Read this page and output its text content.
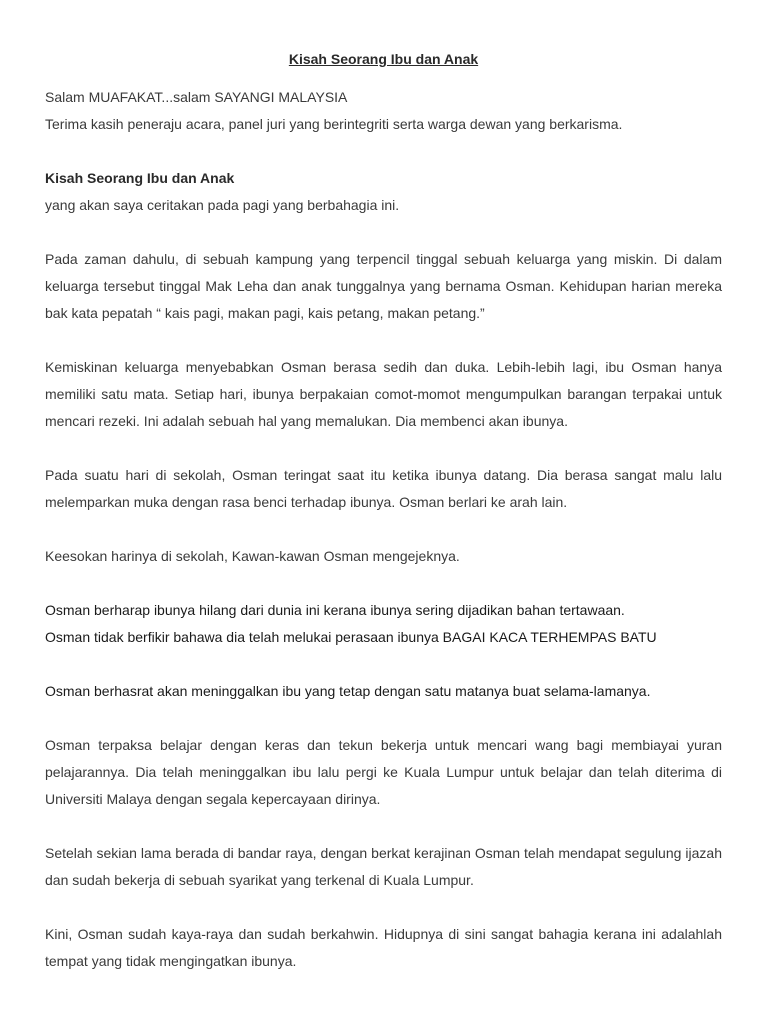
Kisah Seorang Ibu dan Anak

Salam MUAFAKAT...salam SAYANGI MALAYSIA

Terima kasih peneraju acara, panel juri yang berintegriti serta warga dewan yang berkarisma.

Kisah Seorang Ibu dan Anak

yang akan saya ceritakan pada pagi yang berbahagia ini.

Pada zaman dahulu, di sebuah kampung yang terpencil tinggal sebuah keluarga yang miskin. Di dalam keluarga tersebut tinggal Mak Leha dan anak tunggalnya yang bernama Osman. Kehidupan harian mereka bak kata pepatah “ kais pagi, makan pagi, kais petang, makan petang.”

Kemiskinan keluarga menyebabkan Osman berasa sedih dan duka. Lebih-lebih lagi, ibu Osman hanya memiliki satu mata. Setiap hari, ibunya berpakaian comot-momot mengumpulkan barangan terpakai untuk mencari rezeki. Ini adalah sebuah hal yang memalukan. Dia membenci akan ibunya.

Pada suatu hari di sekolah, Osman teringat saat itu ketika ibunya datang. Dia berasa sangat malu lalu melemparkan muka dengan rasa benci terhadap ibunya. Osman berlari ke arah lain.

Keesokan harinya di sekolah, Kawan-kawan Osman mengejeknya.

Osman berharap ibunya hilang dari dunia ini kerana ibunya sering dijadikan bahan tertawaan.

Osman tidak berfikir bahawa dia telah melukai perasaan ibunya BAGAI KACA TERHEMPAS BATU

Osman berhasrat akan meninggalkan ibu yang tetap dengan satu matanya buat selama-lamanya.

Osman terpaksa belajar dengan keras dan tekun bekerja untuk mencari wang bagi membiayai yuran pelajarannya. Dia telah meninggalkan ibu lalu pergi ke Kuala Lumpur untuk belajar dan telah diterima di Universiti Malaya dengan segala kepercayaan dirinya.

Setelah sekian lama berada di bandar raya, dengan berkat kerajinan Osman telah mendapat segulung ijazah dan sudah bekerja di sebuah syarikat yang terkenal di Kuala Lumpur.

Kini, Osman sudah kaya-raya dan sudah berkahwin. Hidupnya di sini sangat bahagia kerana ini adalahlah tempat yang tidak mengingatkan ibunya.
